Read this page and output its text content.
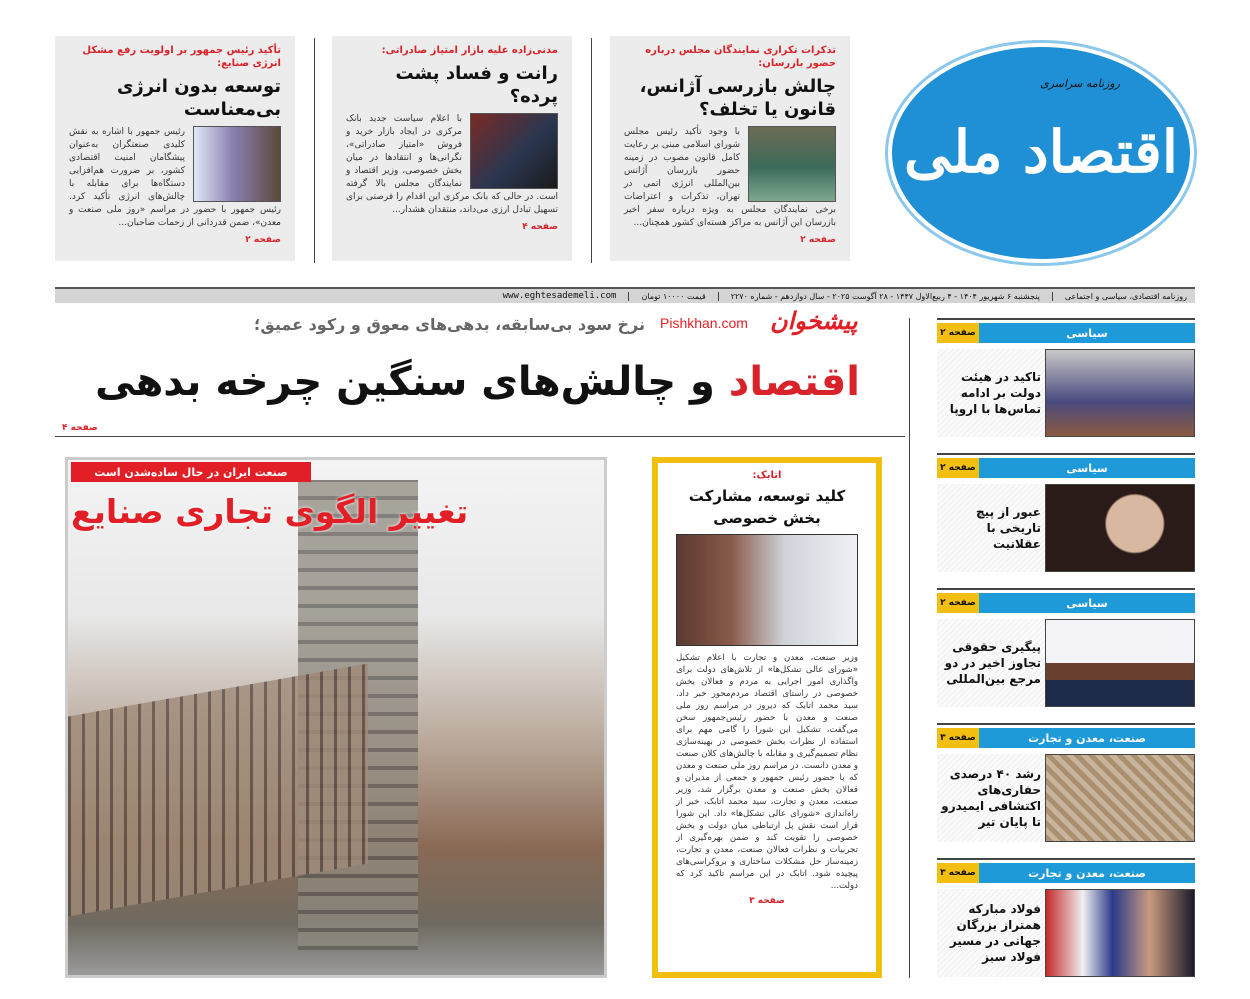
تذکرات تکراری نمایندگان مجلس درباره حضور بازرسان:
چالش بازرسی آژانس، قانون یا تخلف؟
با وجود تأکید رئیس مجلس شورای اسلامی مبنی بر رعایت کامل قانون مصوب در زمینه حضور بازرسان آژانس بین‌المللی انرژی اتمی در تهران، تذکرات و اعتراضات برخی نمایندگان مجلس به ویژه درباره سفر اخیر بازرسان این آژانس به مراکز هسته‌ای کشور همچنان...
صفحه ۲
مدنی‌زاده علیه بازار امتیاز صادراتی:
رانت و فساد پشت پرده؟
با اعلام سیاست جدید بانک مرکزی در ایجاد بازار خرید و فروش «امتیاز صادراتی»، نگرانی‌ها و انتقادها در میان بخش خصوصی، وزیر اقتصاد و نمایندگان مجلس بالا گرفته است. در حالی که بانک مرکزی این اقدام را فرصتی برای تسهیل تبادل ارزی می‌داند، منتقدان هشدار...
صفحه ۴
تأکید رئیس جمهور بر اولویت رفع مشکل انرژی صنایع:
توسعه بدون انرژی بی‌معناست
رئیس جمهور با اشاره به نقش کلیدی صنعتگران به‌عنوان پیشگامان امنیت اقتصادی کشور، بر ضرورت هم‌افزایی دستگاه‌ها برای مقابله با چالش‌های انرژی تأکید کرد. رئیس جمهور با حضور در مراسم «روز ملی صنعت و معدن»، ضمن قدردانی از زحمات صاحبان...
صفحه ۲
روزنامه سراسری
اقتصاد ملی
روزنامه اقتصادی، سیاسی و اجتماعی
پنجشنبه ۶ شهریور ۱۴۰۴ - ۴ ربیع‌الاول ۱۴۴۷ - ۲۸ آگوست ۲۰۲۵ - سال دوازدهم - شماره ۲۲۷۰
قیمت ۱۰۰۰۰ تومان
www.eghtesademeli.com
پیشخوان
Pishkhan.com
نرخ سود بی‌سابقه، بدهی‌های معوق و رکود عمیق؛
اقتصاد و چالش‌های سنگین چرخه بدهی
صفحه ۴
صنعت ایران در حال ساده‌شدن است
تغییر الگوی تجاری صنایع
اتابک:
کلید توسعه، مشارکت بخش خصوصی
وزیر صنعت، معدن و تجارت با اعلام تشکیل «شورای عالی تشکل‌ها» از تلاش‌های دولت برای واگذاری امور اجرایی به مردم و فعالان بخش خصوصی در راستای اقتصاد مردم‌محور خبر داد. سید محمد اتابک که دیروز در مراسم روز ملی صنعت و معدن با حضور رئیس‌جمهور سخن می‌گفت، تشکیل این شورا را گامی مهم برای استفاده از نظرات بخش خصوصی در بهینه‌سازی نظام تصمیم‌گیری و مقابله با چالش‌های کلان صنعت و معدن دانست. در مراسم روز ملی صنعت و معدن که با حضور رئیس جمهور و جمعی از مدیران و فعالان بخش صنعت و معدن برگزار شد، وزیر صنعت، معدن و تجارت، سید محمد اتابک، خبر از راه‌اندازی «شورای عالی تشکل‌ها» داد. این شورا قرار است نقش پل ارتباطی میان دولت و بخش خصوصی را تقویت کند و ضمن بهره‌گیری از تجربیات و نظرات فعالان صنعت، معدن و تجارت، زمینه‌ساز حل مشکلات ساختاری و بروکراسی‌های پیچیده شود. اتابک در این مراسم تاکید کرد که دولت...
صفحه ۳
صفحه ۲	سیاسی
تاکید در هیئت دولت بر ادامه تماس‌ها با اروپا
صفحه ۲	سیاسی
عبور از پیچ تاریخی با عقلانیت
صفحه ۲	سیاسی
پیگیری حقوقی تجاوز اخیر در دو مرجع بین‌المللی
صفحه ۳	صنعت، معدن و تجارت
رشد ۴۰ درصدی حفاری‌های اکتشافی ایمیدرو تا پایان تیر
صفحه ۳	صنعت، معدن و تجارت
فولاد مبارکه همتراز بزرگان جهانی در مسیر فولاد سبز
